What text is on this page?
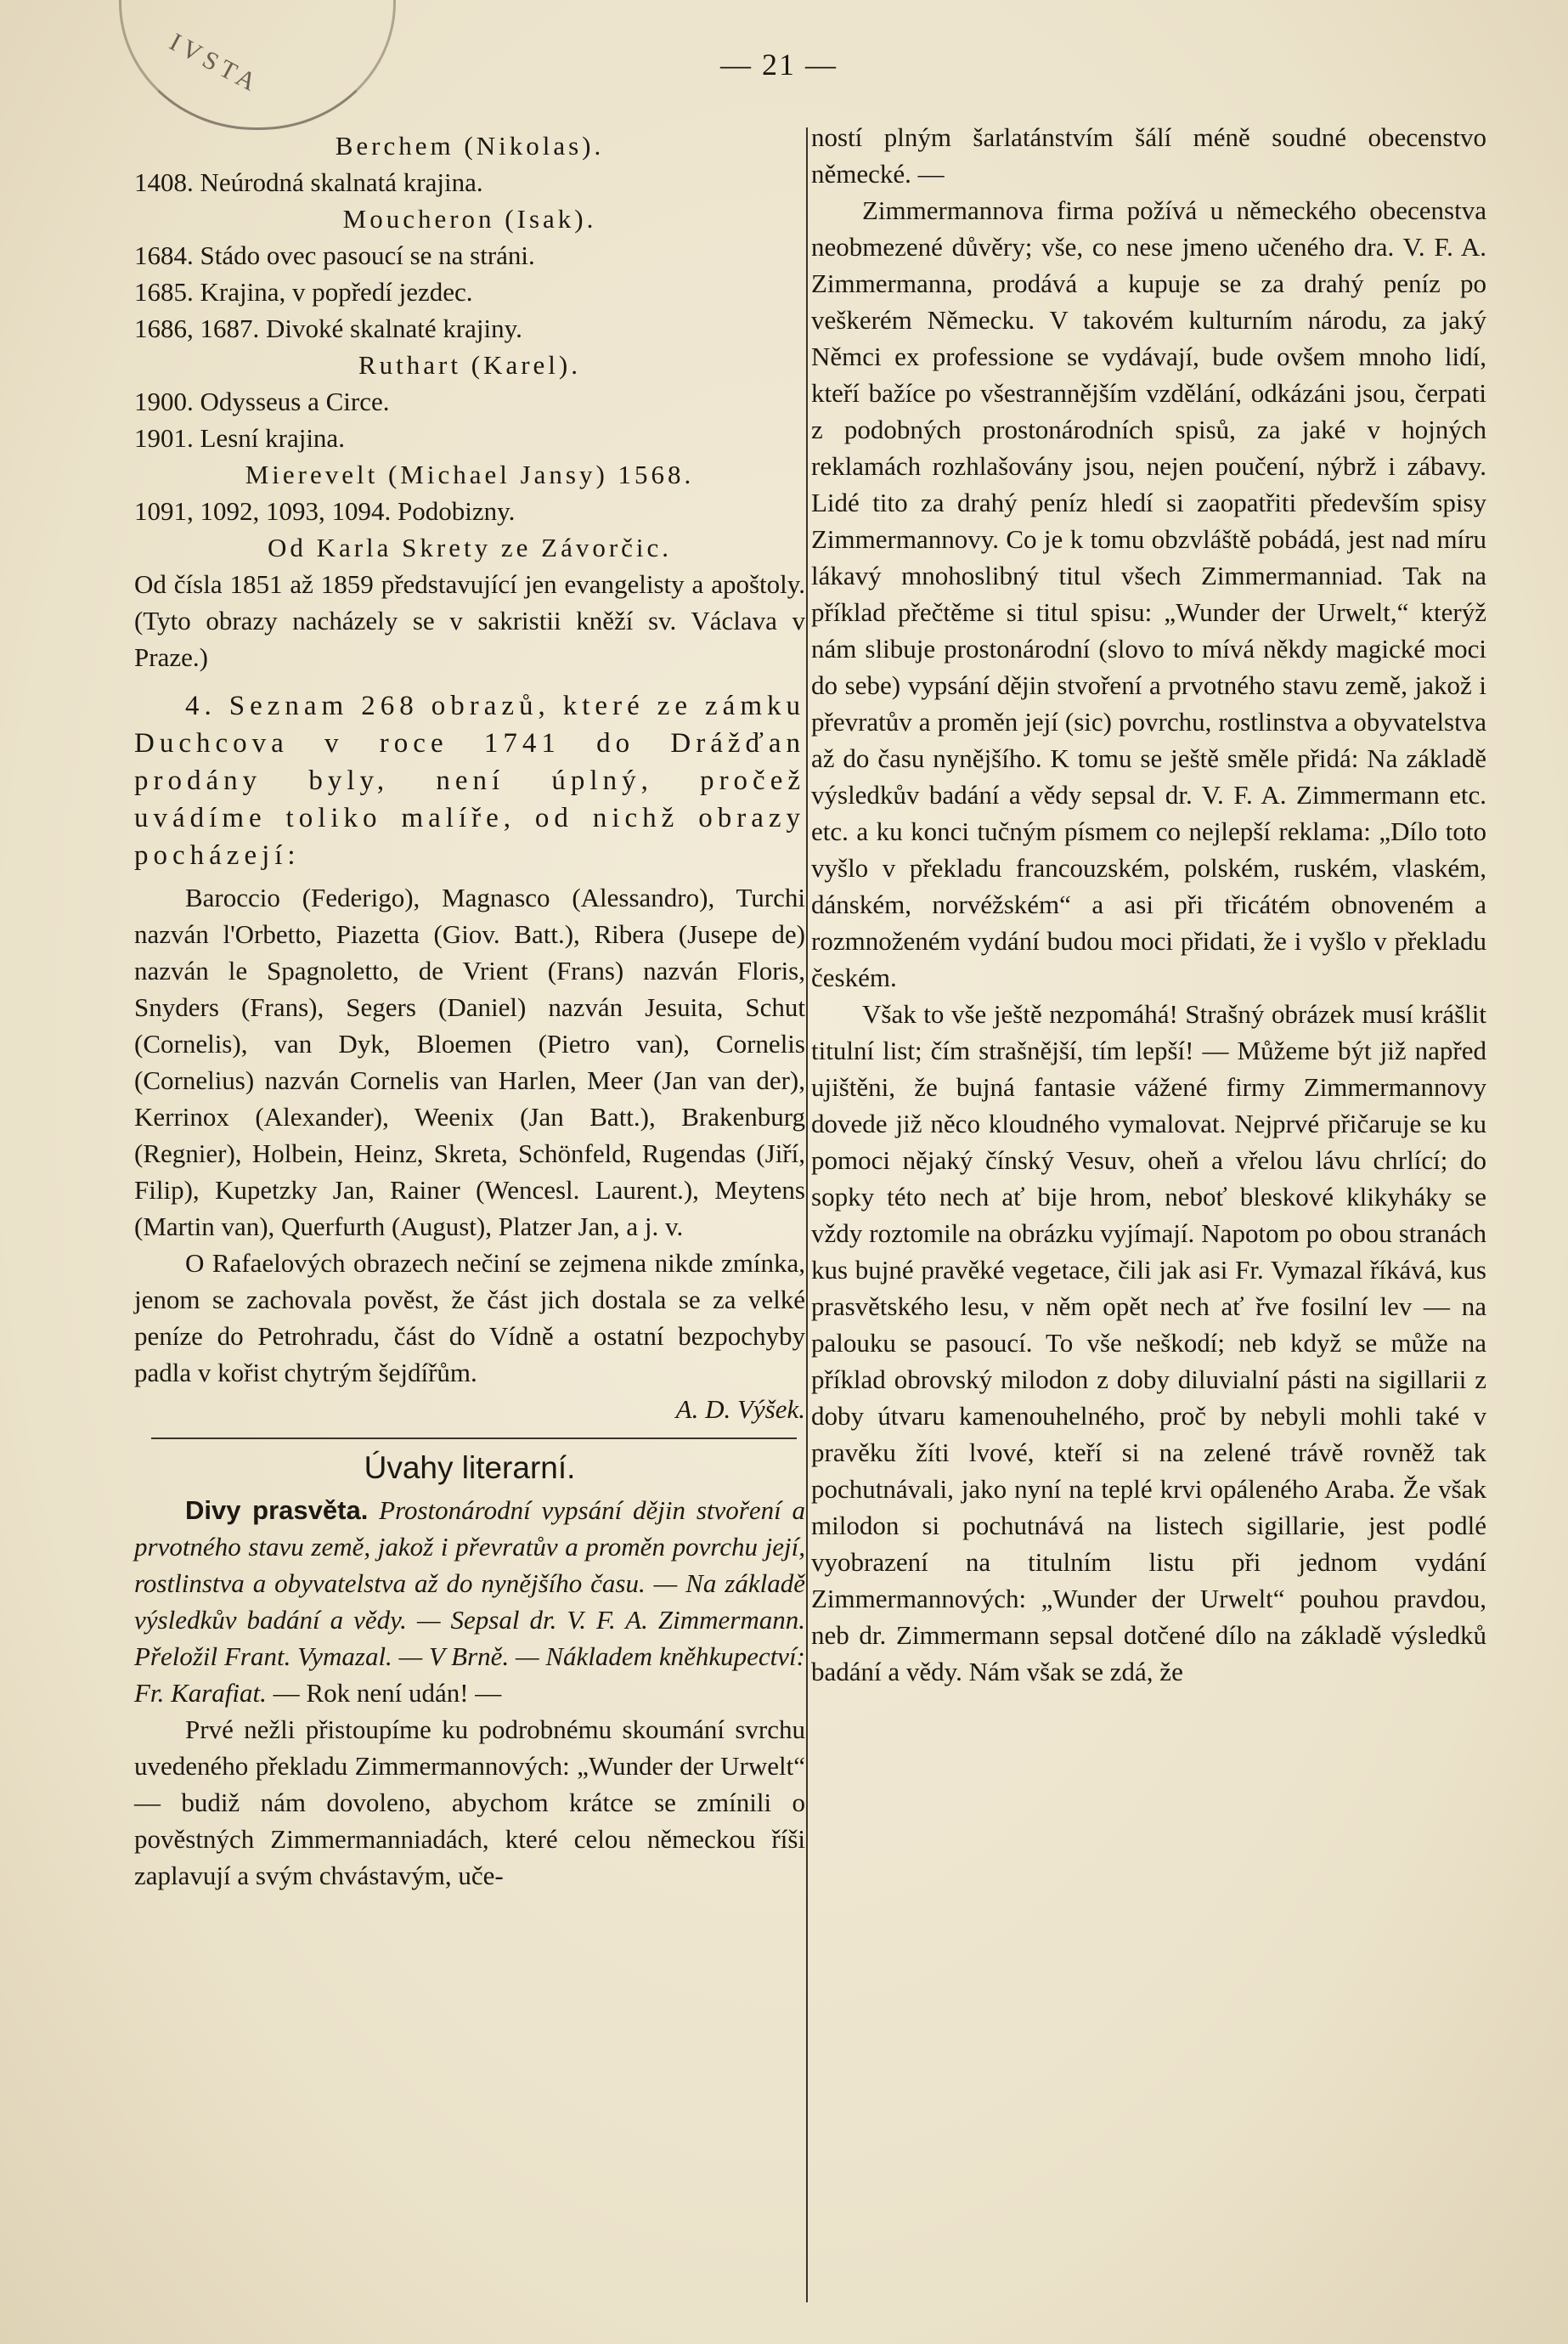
IVSTA	— 21 —

Berchem (Nikolas).

1408. Neúrodná skalnatá krajina.

Moucheron (Isak).

1684. Stádo ovec pasoucí se na stráni.

1685. Krajina, v popředí jezdec.

1686, 1687. Divoké skalnaté krajiny.

Ruthart (Karel).

1900. Odysseus a Circe.

1901. Lesní krajina.

Mierevelt (Michael Jansy) 1568.

1091, 1092, 1093, 1094. Podobizny.

Od Karla Skrety ze Závorčic.

Od čísla 1851 až 1859 představující jen evangelisty a apoštoly. (Tyto obrazy nacházely se v sakristii kněží sv. Václava v Praze.)

4. Seznam 268 obrazů, které ze zámku Duchcova v roce 1741 do Drážďan prodány byly, není úplný, pročež uvádíme toliko malíře, od nichž obrazy pocházejí:

Baroccio (Federigo), Magnasco (Alessandro), Turchi nazván l'Orbetto, Piazetta (Giov. Batt.), Ribera (Jusepe de) nazván le Spagnoletto, de Vrient (Frans) nazván Floris, Snyders (Frans), Segers (Daniel) nazván Jesuita, Schut (Cornelis), van Dyk, Bloemen (Pietro van), Cornelis (Cornelius) nazván Cornelis van Harlen, Meer (Jan van der), Kerrinox (Alexander), Weenix (Jan Batt.), Brakenburg (Regnier), Holbein, Heinz, Skreta, Schönfeld, Rugendas (Jiří, Filip), Kupetzky Jan, Rainer (Wencesl. Laurent.), Meytens (Martin van), Querfurth (August), Platzer Jan, a j. v.

O Rafaelových obrazech nečiní se zejmena nikde zmínka, jenom se zachovala pověst, že část jich dostala se za velké peníze do Petrohradu, část do Vídně a ostatní bezpochyby padla v kořist chytrým šejdířům.

A. D. Výšek.

Úvahy literarní.

Divy prasvěta. Prostonárodní vypsání dějin stvoření a prvotného stavu země, jakož i převratův a proměn povrchu její, rostlinstva a obyvatelstva až do nynějšího času. — Na základě výsledkův badání a vědy. — Sepsal dr. V. F. A. Zimmermann. Přeložil Frant. Vymazal. — V Brně. — Nákladem kněhkupectví: Fr. Karafiat. — Rok není udán! —

Prvé nežli přistoupíme ku podrobnému skoumání svrchu uvedeného překladu Zimmermannových: „Wunder der Urwelt“ — budiž nám dovoleno, abychom krátce se zmínili o pověstných Zimmermanniadách, které celou německou říši zaplavují a svým chvástavým, uče-

ností plným šarlatánstvím šálí méně soudné obecenstvo německé. —

Zimmermannova firma požívá u německého obecenstva neobmezené důvěry; vše, co nese jmeno učeného dra. V. F. A. Zimmermanna, prodává a kupuje se za drahý peníz po veškerém Německu. V takovém kulturním národu, za jaký Němci ex professione se vydávají, bude ovšem mnoho lidí, kteří bažíce po všestrannějším vzdělání, odkázáni jsou, čerpati z podobných prostonárodních spisů, za jaké v hojných reklamách rozhlašovány jsou, nejen poučení, nýbrž i zábavy. Lidé tito za drahý peníz hledí si zaopatřiti především spisy Zimmermannovy. Co je k tomu obzvláště pobádá, jest nad míru lákavý mnohoslibný titul všech Zimmermanniad. Tak na příklad přečtěme si titul spisu: „Wunder der Urwelt,“ kterýž nám slibuje prostonárodní (slovo to mívá někdy magické moci do sebe) vypsání dějin stvoření a prvotného stavu země, jakož i převratův a proměn její (sic) povrchu, rostlinstva a obyvatelstva až do času nynějšího. K tomu se ještě směle přidá: Na základě výsledkův badání a vědy sepsal dr. V. F. A. Zimmermann etc. etc. a ku konci tučným písmem co nejlepší reklama: „Dílo toto vyšlo v překladu francouzském, polském, ruském, vlaském, dánském, norvéžském“ a asi při třicátém obnoveném a rozmnoženém vydání budou moci přidati, že i vyšlo v překladu českém.

Však to vše ještě nezpomáhá! Strašný obrázek musí krášlit titulní list; čím strašnější, tím lepší! — Můžeme být již napřed ujištěni, že bujná fantasie vážené firmy Zimmermannovy dovede již něco kloudného vymalovat. Nejprvé přičaruje se ku pomoci nějaký čínský Vesuv, oheň a vřelou lávu chrlící; do sopky této nech ať bije hrom, neboť bleskové klikyháky se vždy roztomile na obrázku vyjímají. Napotom po obou stranách kus bujné pravěké vegetace, čili jak asi Fr. Vymazal říkává, kus prasvětského lesu, v něm opět nech ať řve fosilní lev — na palouku se pasoucí. To vše neškodí; neb když se může na příklad obrovský milodon z doby diluvialní pásti na sigillarii z doby útvaru kamenouhelného, proč by nebyli mohli také v pravěku žíti lvové, kteří si na zelené trávě rovněž tak pochutnávali, jako nyní na teplé krvi opáleného Araba. Že však milodon si pochutnává na listech sigillarie, jest podlé vyobrazení na titulním listu při jednom vydání Zimmermannových: „Wunder der Urwelt“ pouhou pravdou, neb dr. Zimmermann sepsal dotčené dílo na základě výsledků badání a vědy. Nám však se zdá, že
